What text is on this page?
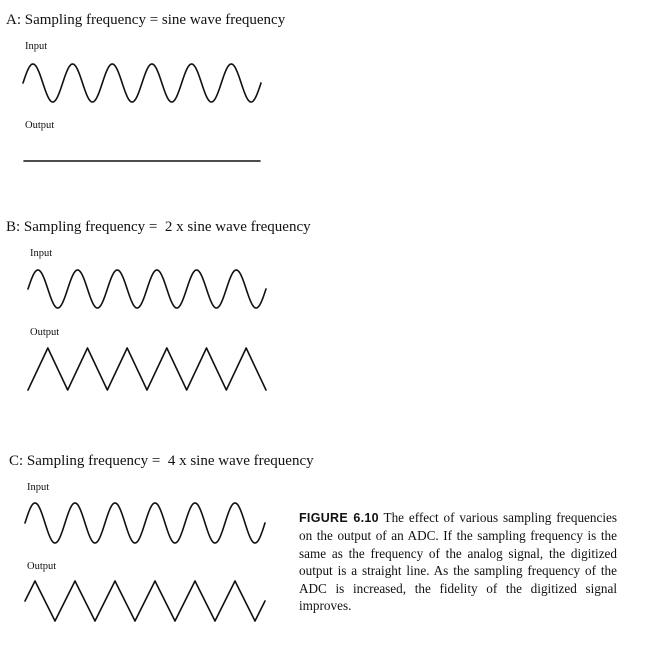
A: Sampling frequency = sine wave frequency
Input
Output
B: Sampling frequency =  2 x sine wave frequency
Input
Output
C: Sampling frequency =  4 x sine wave frequency
Input
Output
FIGURE 6.10 The effect of various sampling frequencies on the output of an ADC. If the sampling frequency is the same as the frequency of the analog signal, the digitized output is a straight line. As the sampling frequency of the ADC is increased, the fidelity of the digitized signal improves.
